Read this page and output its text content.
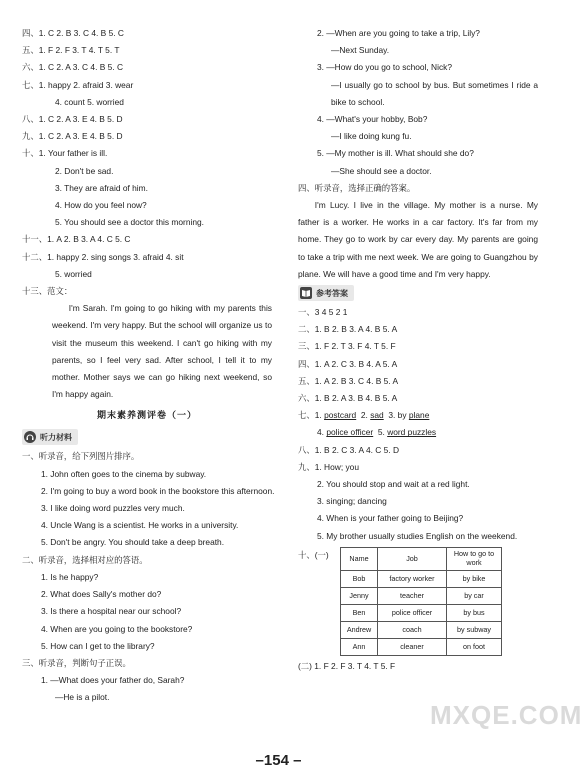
四、1. C 2. B 3. C 4. B 5. C
五、1. F 2. F 3. T 4. T 5. T
六、1. C 2. A 3. C 4. B 5. C
七、1. happy 2. afraid 3. wear
4. count 5. worried
八、1. C 2. A 3. E 4. B 5. D
九、1. C 2. A 3. E 4. B 5. D
十、1. Your father is ill.
2. Don't be sad.
3. They are afraid of him.
4. How do you feel now?
5. You should see a doctor this morning.
十一、1. A 2. B 3. A 4. C 5. C
十二、1. happy 2. sing songs 3. afraid 4. sit
5. worried
十三、范文：
I'm Sarah. I'm going to go hiking with my parents this weekend. I'm very happy. But the school will organize us to visit the museum this weekend. I can't go hiking with my parents, so I feel very sad. After school, I tell it to my mother. Mother says we can go hiking next weekend, so I'm happy again.
期末素养测评卷（一）
听力材料
一、听录音，给下列图片排序。
1. John often goes to the cinema by subway.
2. I'm going to buy a word book in the bookstore this afternoon.
3. I like doing word puzzles very much.
4. Uncle Wang is a scientist. He works in a university.
5. Don't be angry. You should take a deep breath.
二、听录音，选择相对应的答语。
1. Is he happy?
2. What does Sally's mother do?
3. Is there a hospital near our school?
4. When are you going to the bookstore?
5. How can I get to the library?
三、听录音，判断句子正误。
1. —What does your father do, Sarah?
—He is a pilot.
2. —When are you going to take a trip, Lily?
—Next Sunday.
3. —How do you go to school, Nick?
—I usually go to school by bus. But sometimes I ride a bike to school.
4. —What's your hobby, Bob?
—I like doing kung fu.
5. —My mother is ill. What should she do?
—She should see a doctor.
四、听录音，选择正确的答案。
I'm Lucy. I live in the village. My mother is a nurse. My father is a worker. He works in a car factory. It's far from my home. They go to work by car every day. My parents are going to take a trip with me next week. We are going to Guangzhou by plane. We will have a good time and I'm very happy.
参考答案
一、3 4 5 2 1
二、1. B 2. B 3. A 4. B 5. A
三、1. F 2. T 3. F 4. T 5. F
四、1. A 2. C 3. B 4. A 5. A
五、1. A 2. B 3. C 4. B 5. A
六、1. B 2. A 3. B 4. B 5. A
七、1. postcard 2. sad 3. by plane
4. police officer 5. word puzzles
八、1. B 2. C 3. A 4. C 5. D
九、1. How; you
2. You should stop and wait at a red light.
3. singing; dancing
4. When is your father going to Beijing?
5. My brother usually studies English on the weekend.
十、(一)	Name	Job	How to go to work
Bob	factory worker	by bike
Jenny	teacher	by car
Ben	police officer	by bus
Andrew	coach	by subway
Ann	cleaner	on foot
(二) 1. F 2. F 3. T 4. T 5. F
MXQE.COM
–154 –
